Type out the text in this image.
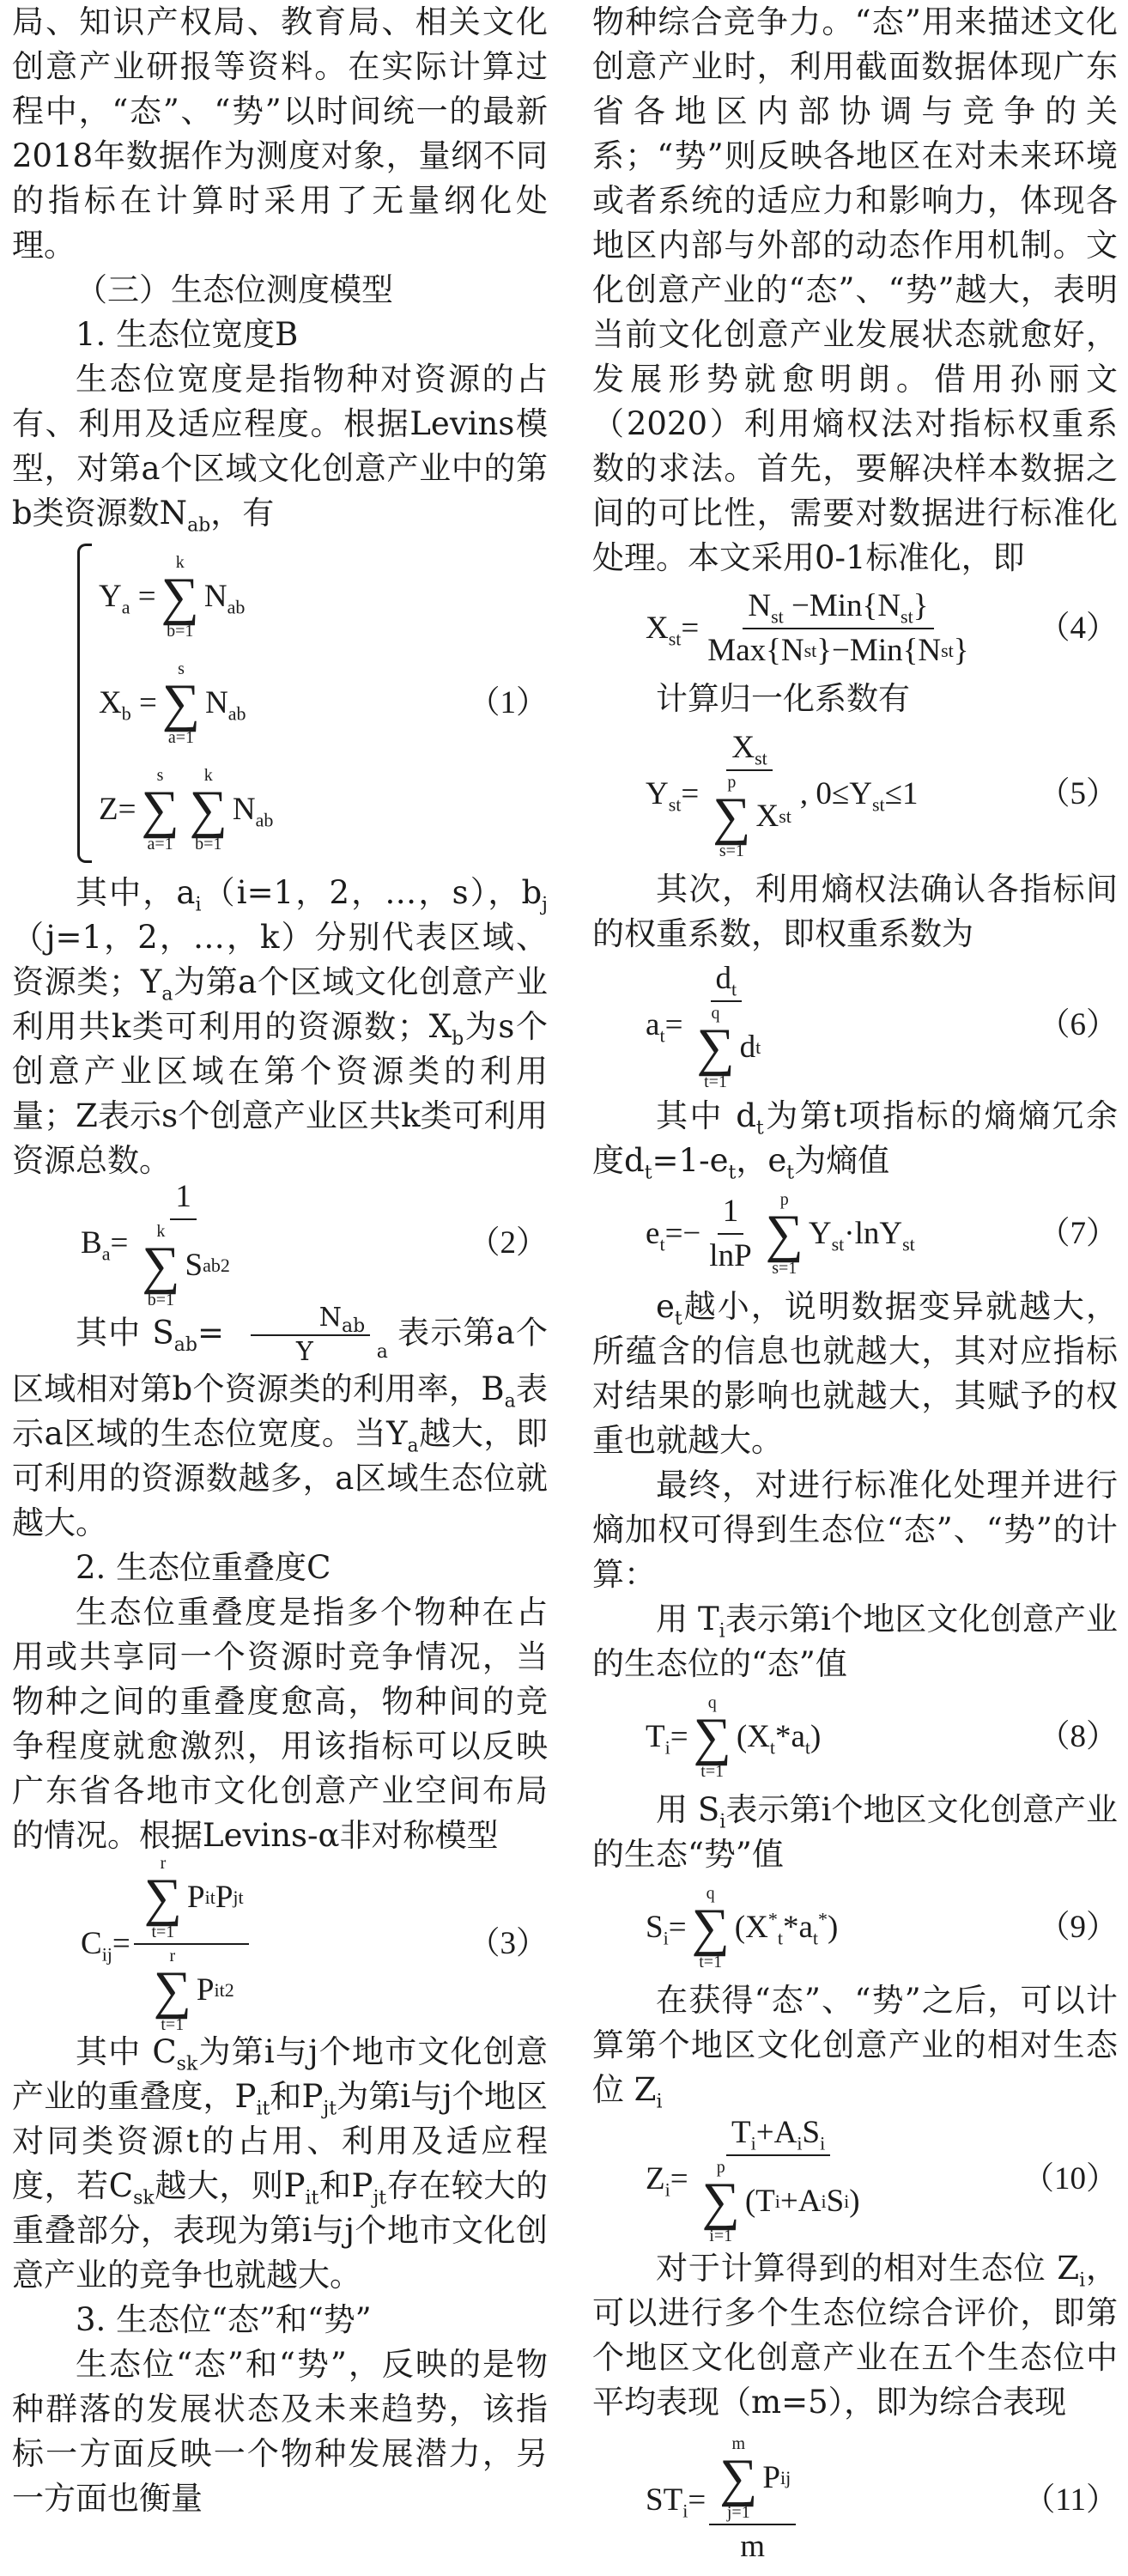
局、知识产权局、教育局、相关文化创意产业研报等资料。在实际计算过程中，“态”、“势”以时间统一的最新2018年数据作为测度对象，量纲不同的指标在计算时采用了无量纲化处理。

（三）生态位测度模型

1. 生态位宽度B

生态位宽度是指物种对资源的占有、利用及适应程度。根据Levins模型，对第a个区域文化创意产业中的第b类资源数$N_{ab}$，有

$Y_a$ =
k
∑
b=1
$N_{ab}$
$X_b$ =
s
∑
a=1
$N_{ab}$
Z=
s
∑
a=1
k
∑
b=1
$N_{ab}$
（1）

其中，$a_i(i=1$，2，…，s），$b_j(j=1$，2，…，k）分别代表区域、资源类；$Y_a$为第a个区域文化创意产业利用共k类可利用的资源数；$X_b$为s个创意产业区域在第个资源类的利用量；Z表示s个创意产业区共k类可利用资源总数。

$B_a= 1$
k
∑
b=1
S ab 2	（2）

其中 $S_{ab}= N_{ab}$
Y	a 表示第a个区域相对第b个资源类的利用率，$B_a$表示a区域的生态位宽度。当$Y_a$越大，即可利用的资源数越多，a区域生态位就越大。

2. 生态位重叠度C

生态位重叠度是指多个物种在占用或共享同一个资源时竞争情况，当物种之间的重叠度愈高，物种间的竞争程度就愈激烈，用该指标可以反映广东省各地市文化创意产业空间布局的情况。根据Levins-α非对称模型

$C_{ij}= r$
∑
t=1
P it P jt
r
∑
t=1
P it 2	（3）

其中 $C_{sk}$为第i与j个地市文化创意产业的重叠度，$P_{it}$和$P_{jt}$为第i与j个地区对同类资源t的占用、利用及适应程度，若$C_{sk}$越大，则$P_{it}$和$P_{jt}$存在较大的重叠部分，表现为第i与j个地市文化创意产业的竞争也就越大。

3. 生态位“态”和“势”

生态位“态”和“势”，反映的是物种群落的发展状态及未来趋势，该指标一方面反映一个物种发展潜力，另一方面也衡量

物种综合竞争力。“态”用来描述文化创意产业时，利用截面数据体现广东省各地区内部协调与竞争的关系；“势”则反映各地区在对未来环境或者系统的适应力和影响力，体现各地区内部与外部的动态作用机制。文化创意产业的“态”、“势”越大，表明当前文化创意产业发展状态就愈好，发展形势就愈明朗。借用孙丽文（2020）利用熵权法对指标权重系数的求法。首先，要解决样本数据之间的可比性，需要对数据进行标准化处理。本文采用0-1标准化，即

$X_{st}= \frac{N_{st} -Min\{N_{st}\}}{\text{Max\{N st \}−Min\{N st \}}} (4)$

计算归一化系数有

$Y_{st}= X_{st}$
p
∑
s=1
X st , $0\le Y_{st}\le 1$	（5）

其次，利用熵权法确认各指标间的权重系数，即权重系数为

$a_t= d_t$
q
∑
t=1
d t	（6）

其中 $d_t$为第t项指标的熵熵冗余度$d_t=1-e_t$，$e_t$为熵值

$e_t=- \frac{1}{\ln P}$ p
∑
s=1
$Y_{st}\cdot\ln Y_{st}$	（7）

$e_t$越小，说明数据变异就越大，所蕴含的信息也就越大，其对应指标对结果的影响也就越大，其赋予的权重也就越大。

最终，对进行标准化处理并进行熵加权可得到生态位“态”、“势”的计算：

用 $T_i$表示第i个地区文化创意产业的生态位的“态”值

$T_i=$
q
∑
t=1
$(X_t*a_t)$	（8）

用 $S_i$表示第i个地区文化创意产业的生态“势”值

$S_i=$
q
∑
t=1
$(X^*_t*a_t^*)$	（9）

在获得“态”、“势”之后，可以计算第个地区文化创意产业的相对生态位 $Z_i$

$Z_i= T_i+A_iS_i$
p
∑
i=1
(T i +A i S i )	（10）

对于计算得到的相对生态位 $Z_i$，可以进行多个生态位综合评价，即第个地区文化创意产业在五个生态位中平均表现（m=5），即为综合表现

$ST_i= m$
∑
j=1
P ij
m	（11）
